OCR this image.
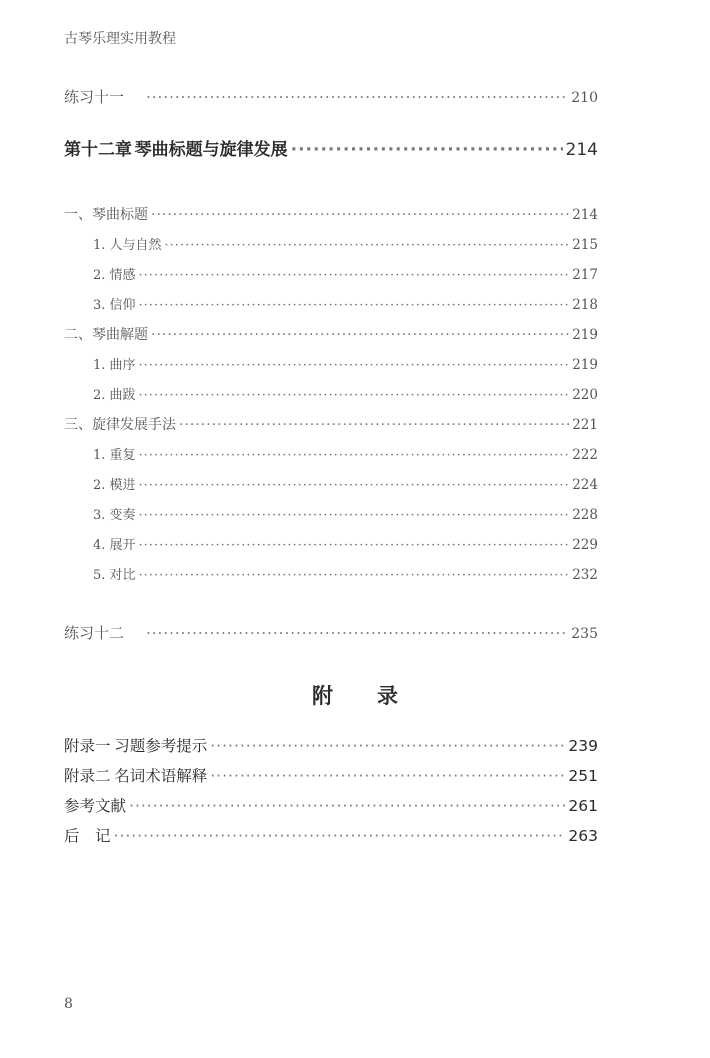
古琴乐理实用教程
练习十一 ·····	210
第十二章 琴曲标题与旋律发展 ·····	214
一、琴曲标题 ·····	214
1. 人与自然 ·····	215
2. 情感 ·····	217
3. 信仰 ·····	218
二、琴曲解题 ·····	219
1. 曲序 ·····	219
2. 曲跋 ·····	220
三、旋律发展手法 ·····	221
1. 重复 ·····	222
2. 模进 ·····	224
3. 变奏 ·····	228
4. 展开 ·····	229
5. 对比 ·····	232
练习十二 ·····	235
附 录
附录一 习题参考提示 ·····	239
附录二 名词术语解释 ·····	251
参考文献 ·····	261
后　记 ·····	263
8
